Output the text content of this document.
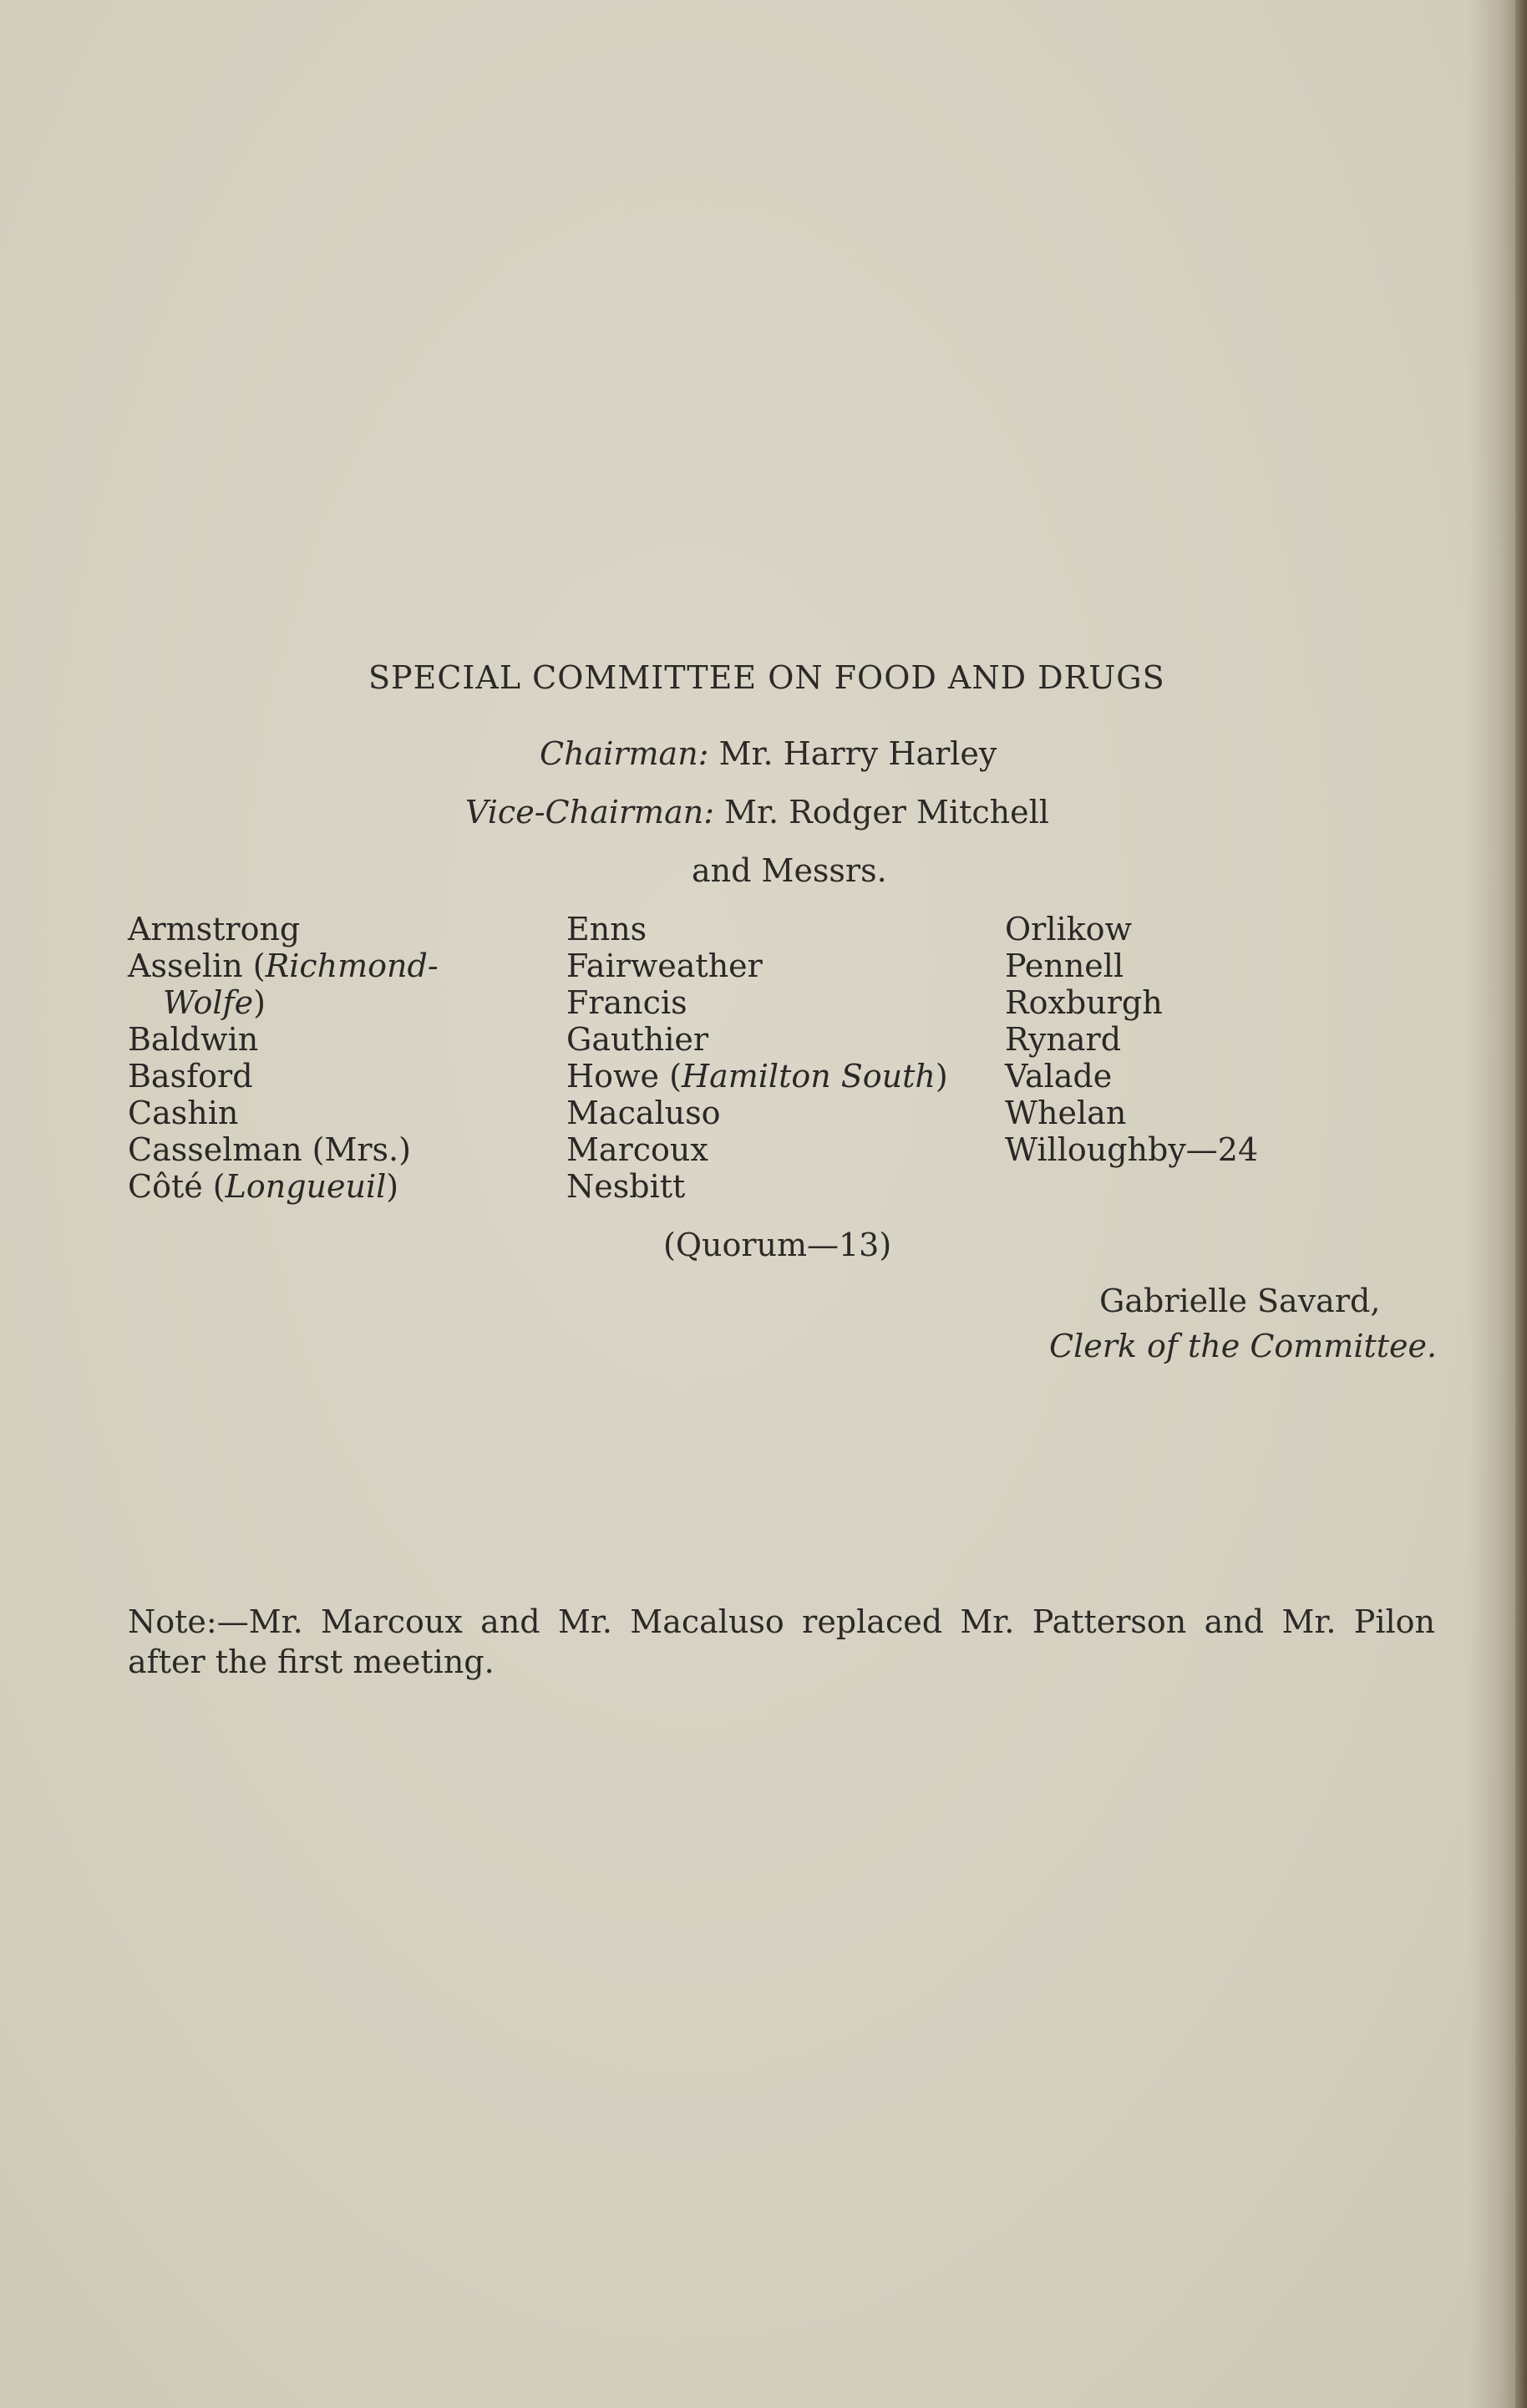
SPECIAL COMMITTEE ON FOOD AND DRUGS
Chairman: Mr. Harry Harley
Vice-Chairman: Mr. Rodger Mitchell
and Messrs.
Armstrong
Asselin (Richmond-
Wolfe)
Baldwin
Basford
Cashin
Casselman (Mrs.)
Côté (Longueuil)
Enns
Fairweather
Francis
Gauthier
Howe (Hamilton South)
Macaluso
Marcoux
Nesbitt
Orlikow
Pennell
Roxburgh
Rynard
Valade
Whelan
Willoughby—24
(Quorum—13)
Gabrielle Savard,
Clerk of the Committee.
Note:—Mr. Marcoux and Mr. Macaluso replaced Mr. Patterson and Mr. Pilon
after the first meeting.
